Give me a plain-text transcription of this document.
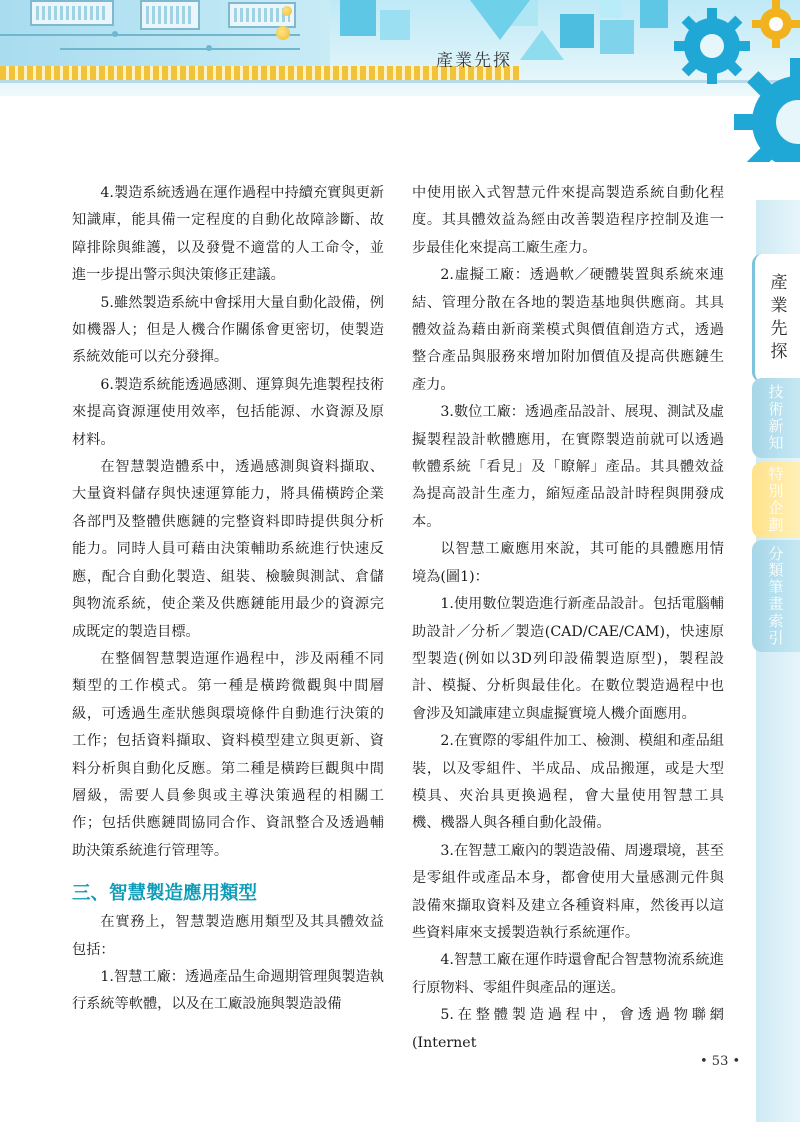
產業先探
產
業
先
探
技
術
新
知
特
別
企
劃
分
類
筆
畫
索
引

4.製造系統透過在運作過程中持續充實與更新知識庫，能具備一定程度的自動化故障診斷、故障排除與維護，以及發覺不適當的人工命令，並進一步提出警示與決策修正建議。

5.雖然製造系統中會採用大量自動化設備，例如機器人；但是人機合作關係會更密切，使製造系統效能可以充分發揮。

6.製造系統能透過感測、運算與先進製程技術來提高資源運使用效率，包括能源、水資源及原材料。

在智慧製造體系中，透過感測與資料擷取、大量資料儲存與快速運算能力，將具備橫跨企業各部門及整體供應鏈的完整資料即時提供與分析能力。同時人員可藉由決策輔助系統進行快速反應，配合自動化製造、組裝、檢驗與測試、倉儲與物流系統，使企業及供應鏈能用最少的資源完成既定的製造目標。

在整個智慧製造運作過程中，涉及兩種不同類型的工作模式。第一種是橫跨微觀與中間層級，可透過生產狀態與環境條件自動進行決策的工作；包括資料擷取、資料模型建立與更新、資料分析與自動化反應。第二種是橫跨巨觀與中間層級，需要人員參與或主導決策過程的相關工作；包括供應鏈間協同合作、資訊整合及透過輔助決策系統進行管理等。

三、智慧製造應用類型

在實務上，智慧製造應用類型及其具體效益包括：

1.智慧工廠：透過產品生命週期管理與製造執行系統等軟體，以及在工廠設施與製造設備

中使用嵌入式智慧元件來提高製造系統自動化程度。其具體效益為經由改善製造程序控制及進一步最佳化來提高工廠生產力。

2.虛擬工廠：透過軟／硬體裝置與系統來連結、管理分散在各地的製造基地與供應商。其具體效益為藉由新商業模式與價值創造方式，透過整合產品與服務來增加附加價值及提高供應鏈生產力。

3.數位工廠：透過產品設計、展現、測試及虛擬製程設計軟體應用，在實際製造前就可以透過軟體系統「看見」及「瞭解」產品。其具體效益為提高設計生產力，縮短產品設計時程與開發成本。

以智慧工廠應用來說，其可能的具體應用情境為(圖1)：

1.使用數位製造進行新產品設計。包括電腦輔助設計／分析／製造(CAD/CAE/CAM)，快速原型製造(例如以3D列印設備製造原型)，製程設計、模擬、分析與最佳化。在數位製造過程中也會涉及知識庫建立與虛擬實境人機介面應用。

2.在實際的零組件加工、檢測、模組和產品組裝，以及零組件、半成品、成品搬運，或是大型模具、夾治具更換過程，會大量使用智慧工具機、機器人與各種自動化設備。

3.在智慧工廠內的製造設備、周邊環境，甚至是零組件或產品本身，都會使用大量感測元件與設備來擷取資料及建立各種資料庫，然後再以這些資料庫來支援製造執行系統運作。

4.智慧工廠在運作時還會配合智慧物流系統進行原物料、零組件與產品的運送。

5.在整體製造過程中，會透過物聯網(Internet

• 53 •
